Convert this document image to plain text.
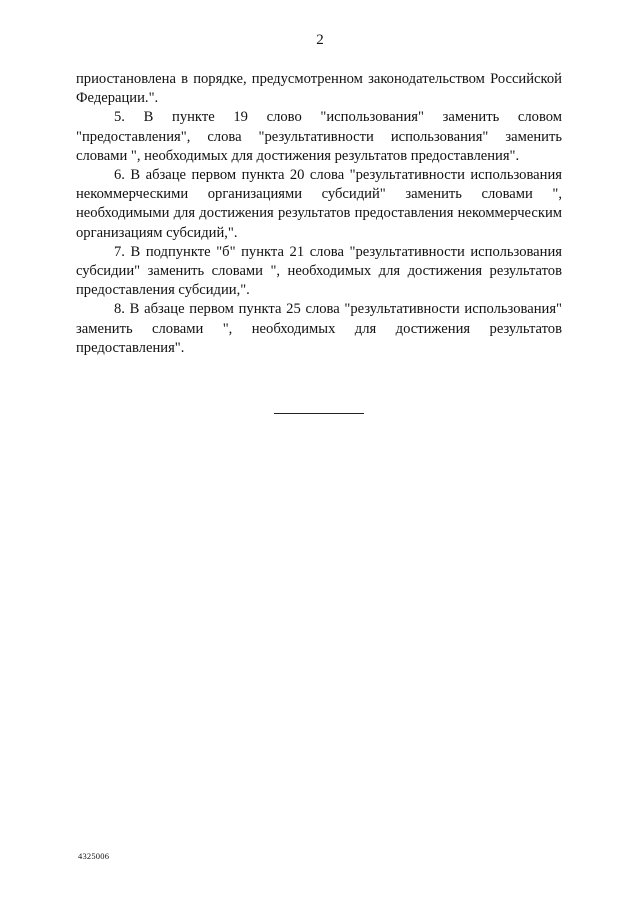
2

приостановлена в порядке, предусмотренном законодательством Российской Федерации.".

5. В пункте 19 слово "использования" заменить словом "предоставления", слова "результативности использования" заменить словами ", необходимых для достижения результатов предоставления".

6. В абзаце первом пункта 20 слова "результативности использования некоммерческими организациями субсидий" заменить словами ", необходимыми для достижения результатов предоставления некоммерческим организациям субсидий,".

7. В подпункте "б" пункта 21 слова "результативности использования субсидии" заменить словами ", необходимых для достижения результатов предоставления субсидии,".

8. В абзаце первом пункта 25 слова "результативности использования" заменить словами ", необходимых для достижения результатов предоставления".

4325006
